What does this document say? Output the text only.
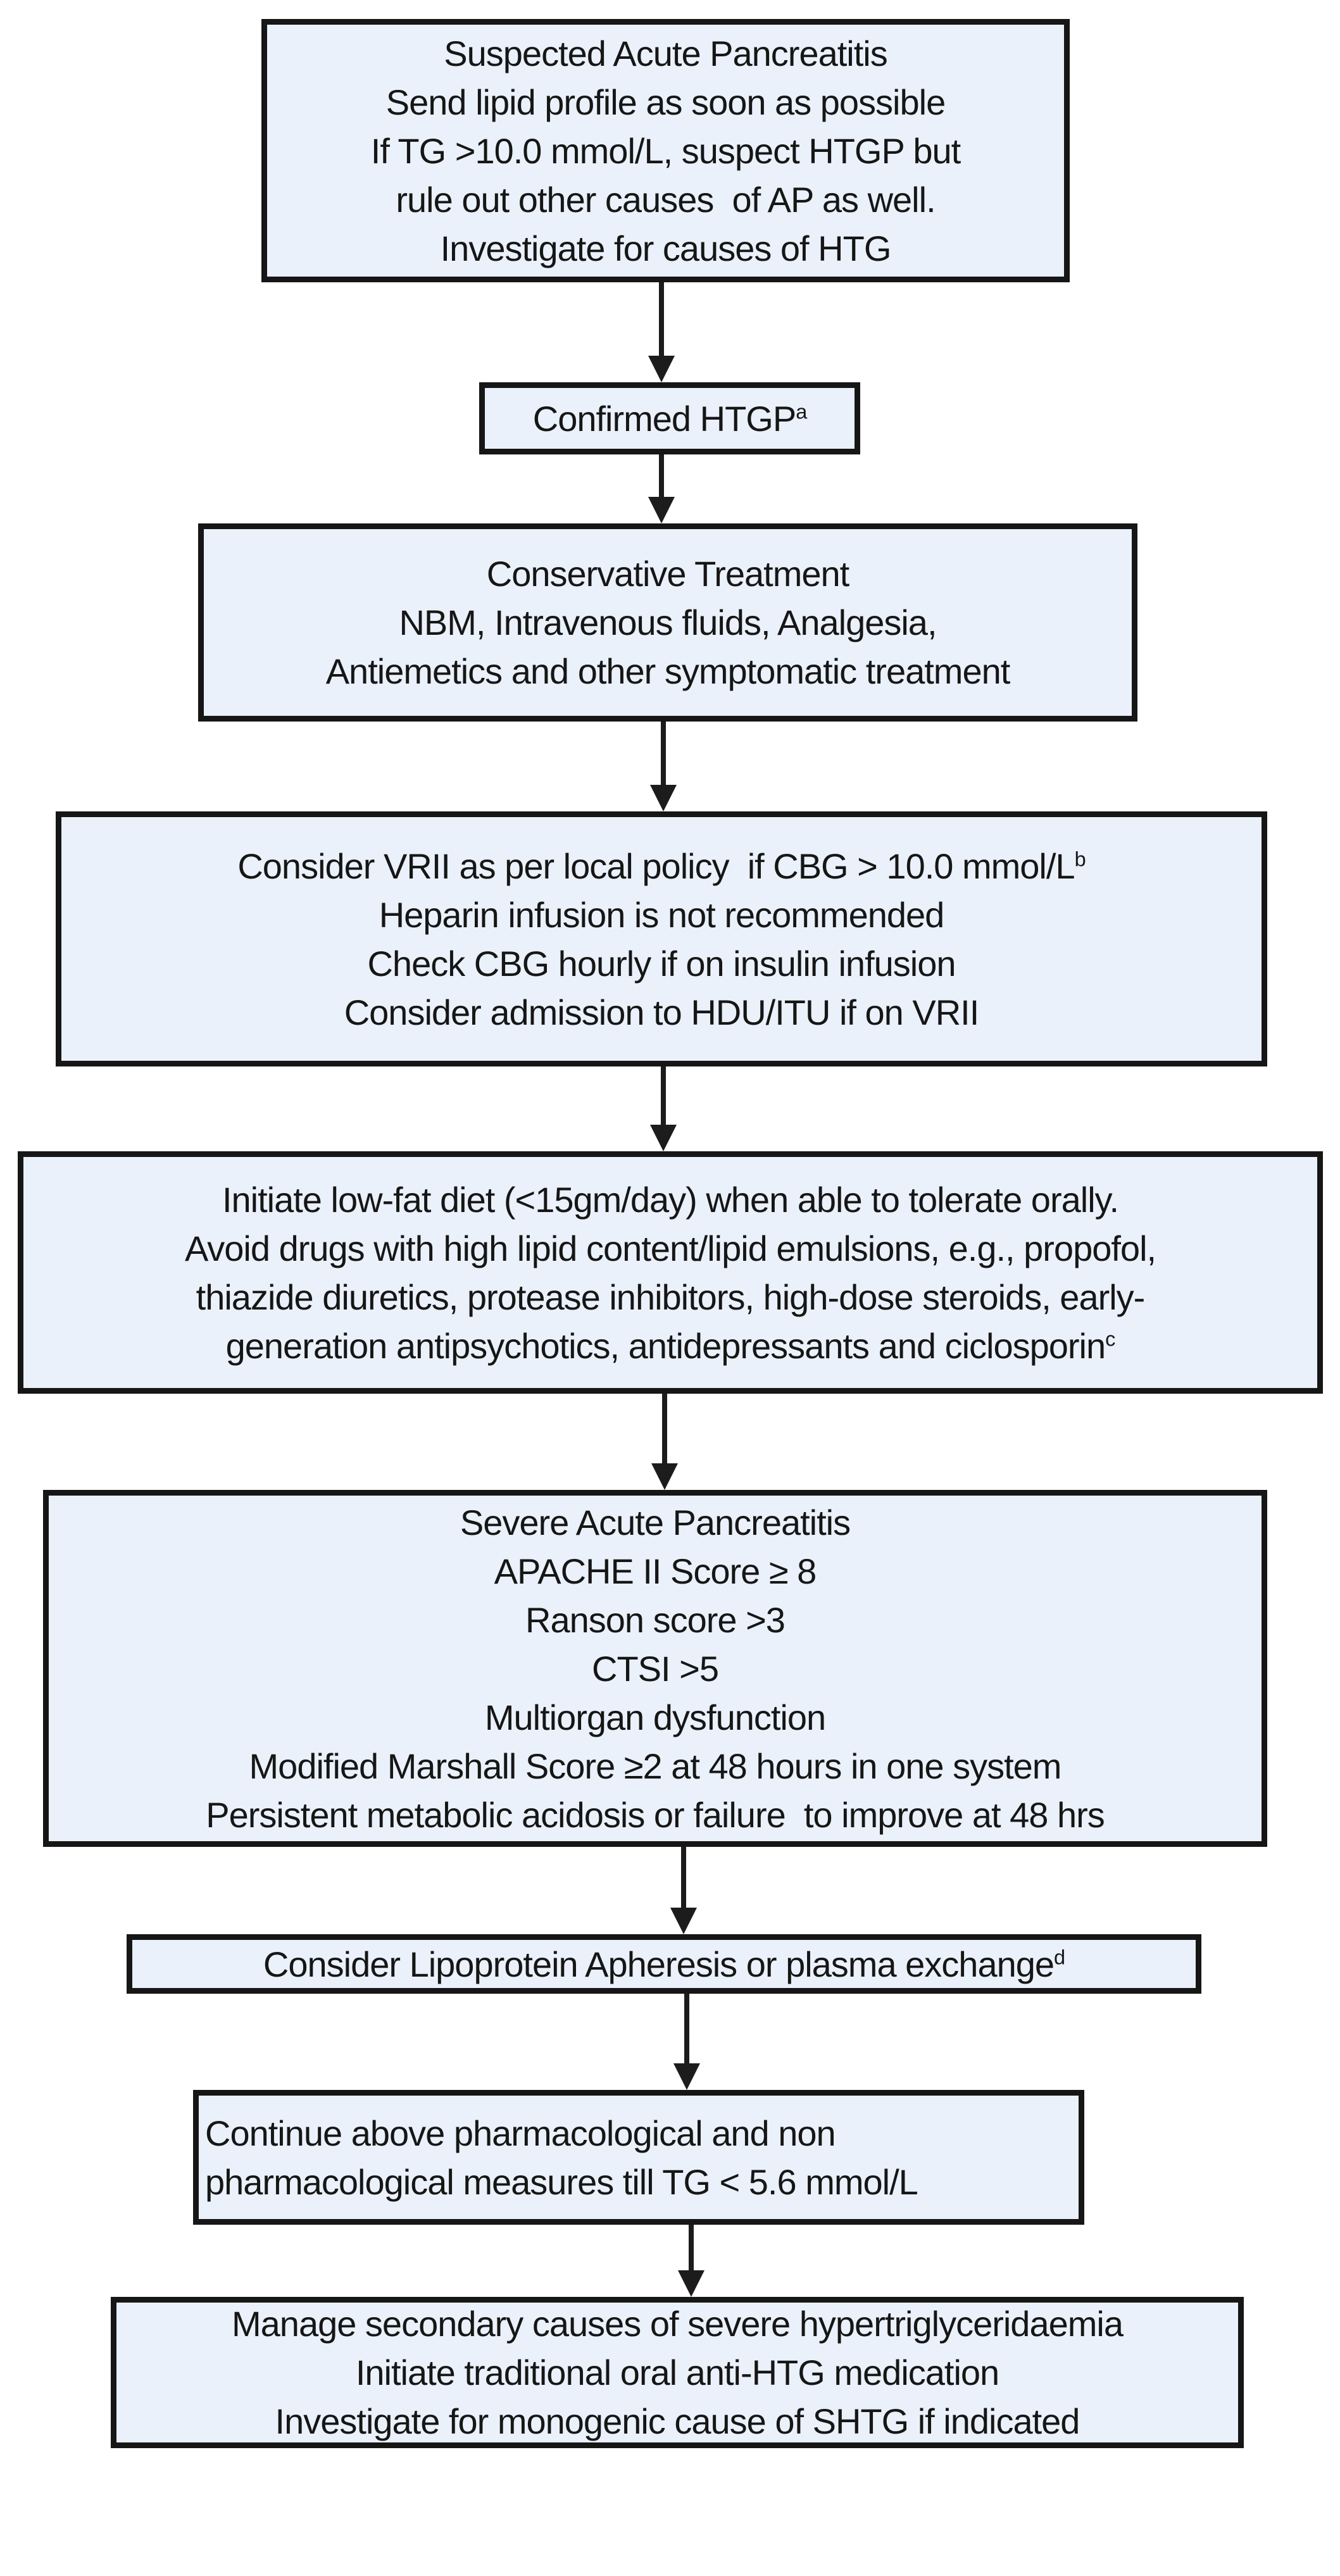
Suspected Acute Pancreatitis
Send lipid profile as soon as possible
If TG >10.0 mmol/L, suspect HTGP but
rule out other causes  of AP as well.
Investigate for causes of HTG
Confirmed HTGP$^a$
Conservative Treatment
NBM, Intravenous fluids, Analgesia,
Antiemetics and other symptomatic treatment
Consider VRII as per local policy  if CBG > 10.0 mmol/$L^b$
Heparin infusion is not recommended
Check CBG hourly if on insulin infusion
Consider admission to HDU/ITU if on VRII
Initiate low-fat diet (<15gm/day) when able to tolerate orally.
Avoid drugs with high lipid content/lipid emulsions, e.g., propofol,
thiazide diuretics, protease inhibitors, high-dose steroids, early-
generation antipsychotics, antidepressants and ciclosporin$^c$
Severe Acute Pancreatitis
APACHE II Score ≥ 8
Ranson score >3
CTSI >5
Multiorgan dysfunction
Modified Marshall Score ≥2 at 48 hours in one system
Persistent metabolic acidosis or failure  to improve at 48 hrs
Consider Lipoprotein Apheresis or plasma exchange$^d$
Continue above pharmacological and non
pharmacological measures till TG < 5.6 mmol/L
Manage secondary causes of severe hypertriglyceridaemia
Initiate traditional oral anti-HTG medication
Investigate for monogenic cause of SHTG if indicated
